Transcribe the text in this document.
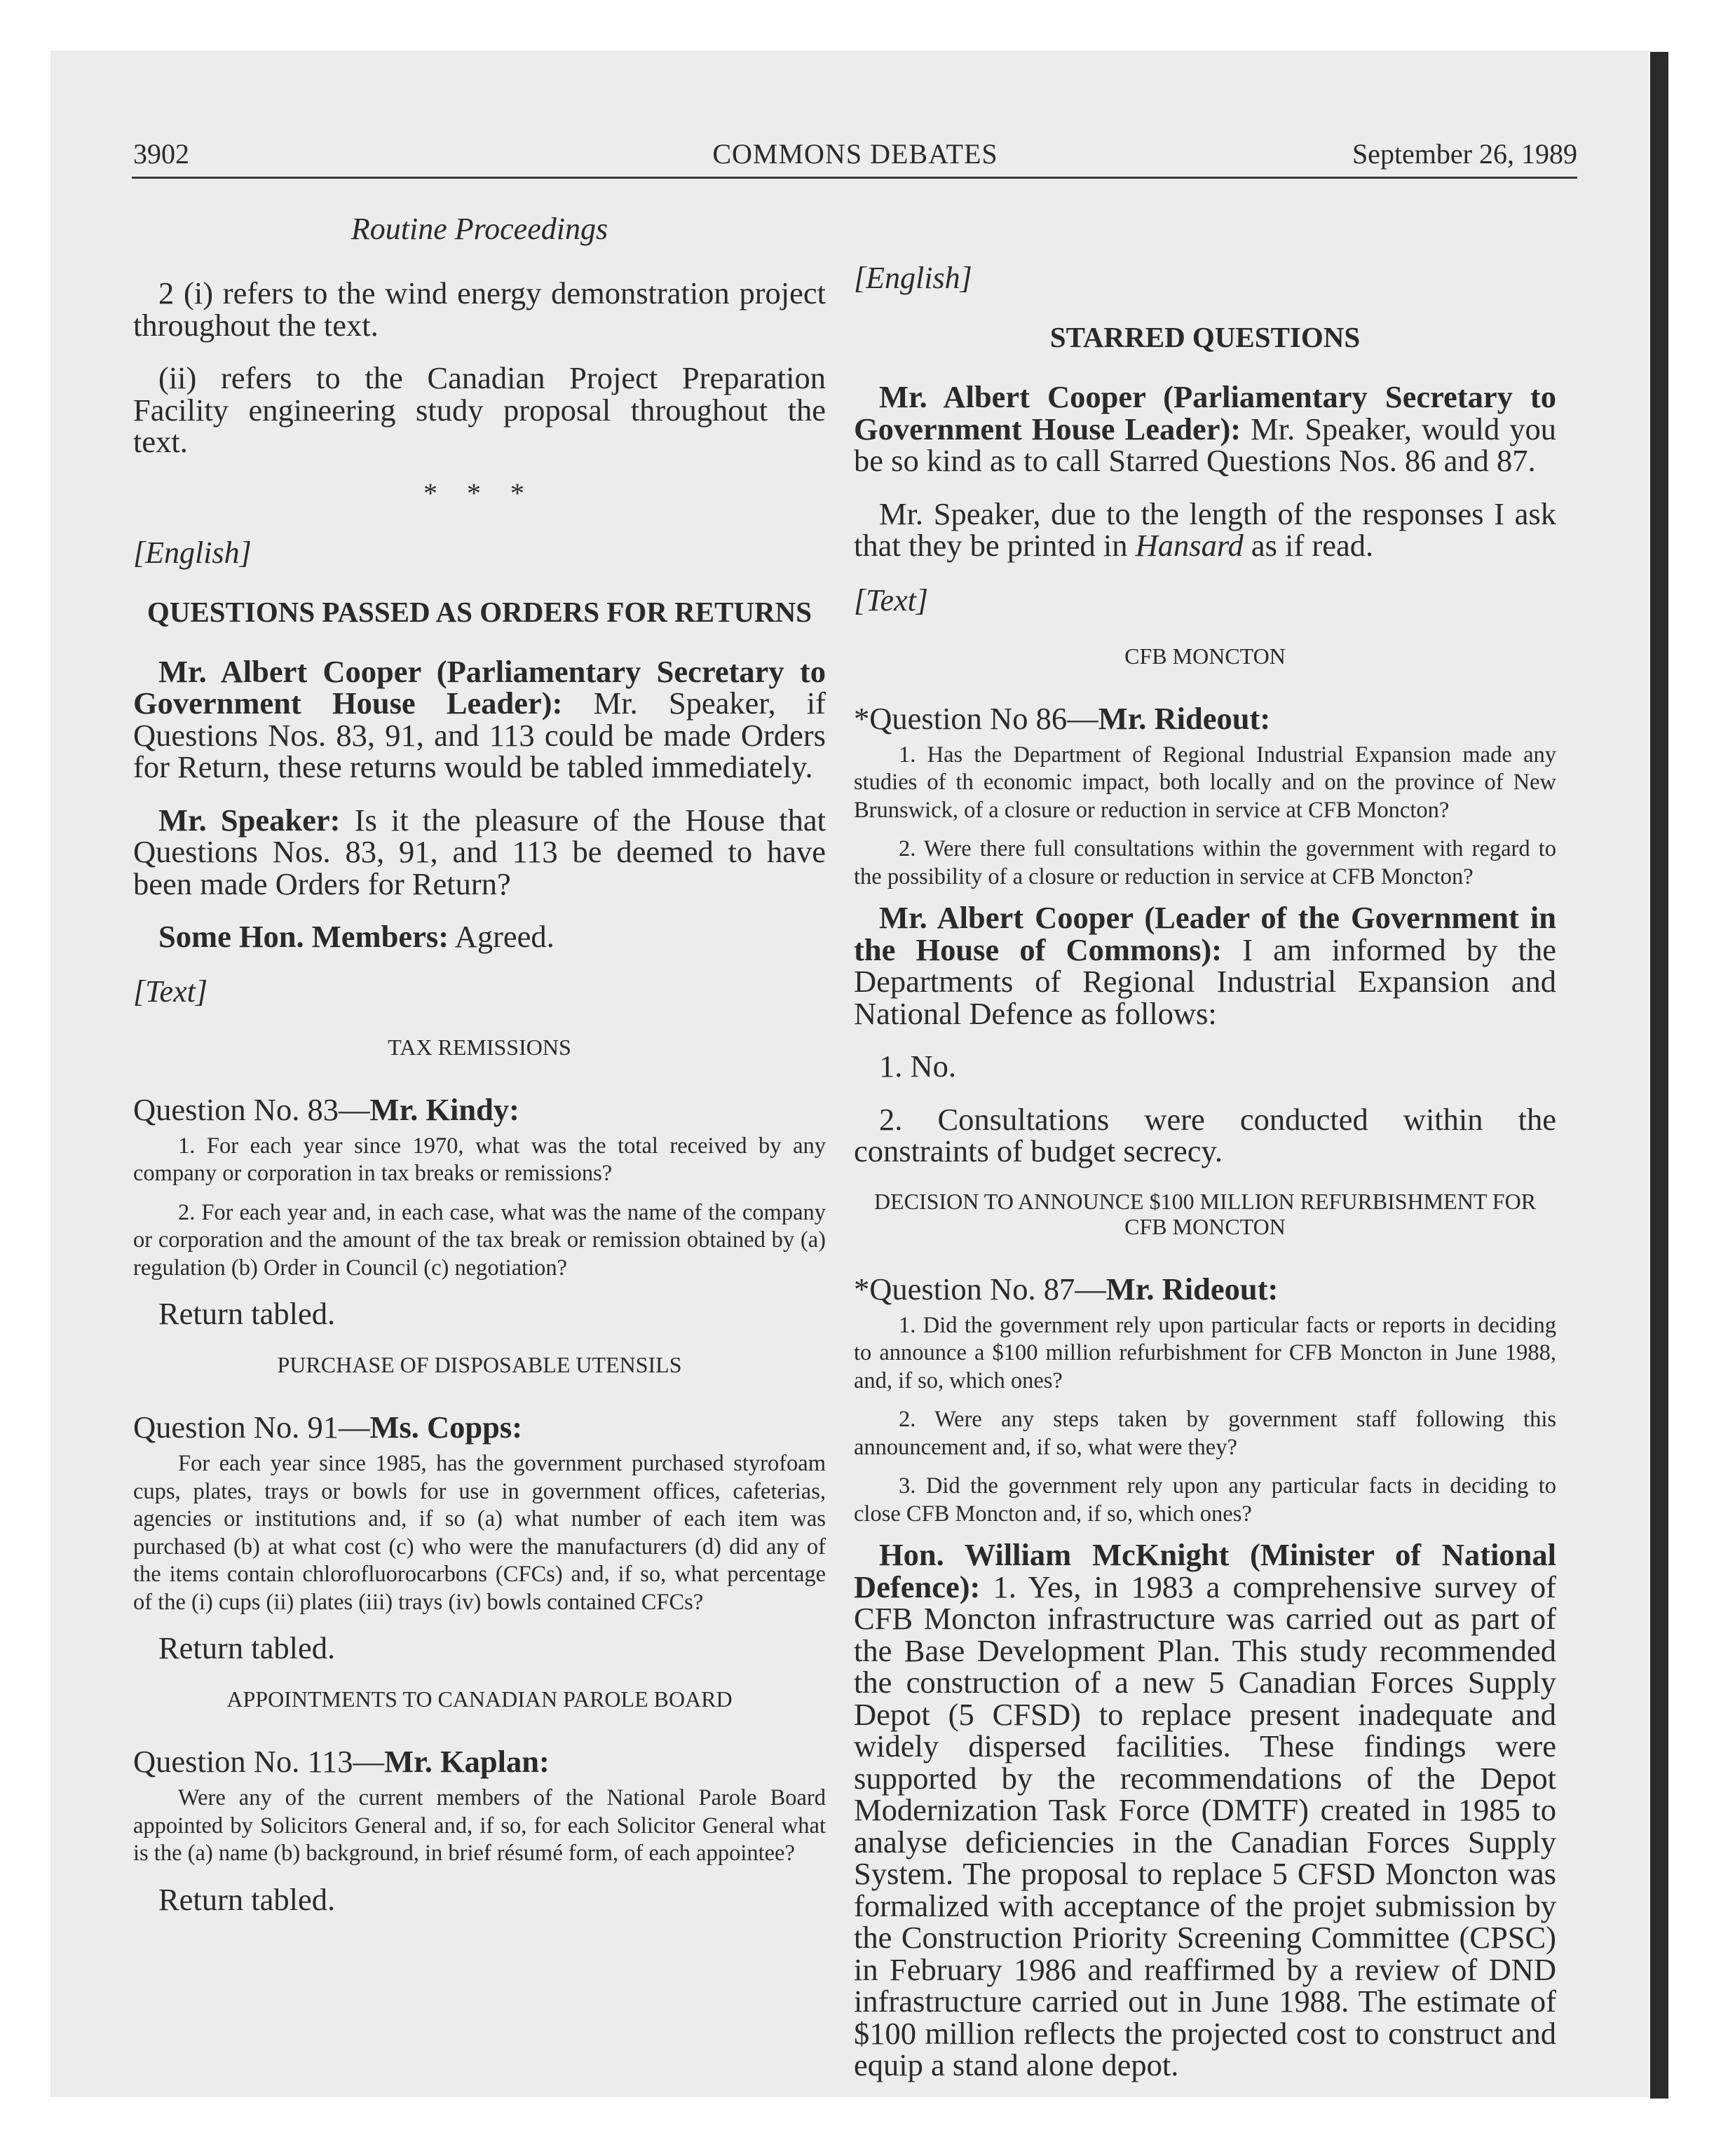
3902	COMMONS DEBATES	September 26, 1989
Routine Proceedings

2 (i) refers to the wind energy demonstration project throughout the text.

(ii) refers to the Canadian Project Preparation Facility engineering study proposal throughout the text.

* * *
[English]
QUESTIONS PASSED AS ORDERS FOR RETURNS

Mr. Albert Cooper (Parliamentary Secretary to Government House Leader): Mr. Speaker, if Questions Nos. 83, 91, and 113 could be made Orders for Return, these returns would be tabled immediately.

Mr. Speaker: Is it the pleasure of the House that Questions Nos. 83, 91, and 113 be deemed to have been made Orders for Return?

Some Hon. Members: Agreed.

[Text]
TAX REMISSIONS

Question No. 83—Mr. Kindy:

1. For each year since 1970, what was the total received by any company or corporation in tax breaks or remissions?

2. For each year and, in each case, what was the name of the company or corporation and the amount of the tax break or remission obtained by (a) regulation (b) Order in Council (c) negotiation?

Return tabled.

PURCHASE OF DISPOSABLE UTENSILS

Question No. 91—Ms. Copps:

For each year since 1985, has the government purchased styrofoam cups, plates, trays or bowls for use in government offices, cafeterias, agencies or institutions and, if so (a) what number of each item was purchased (b) at what cost (c) who were the manufacturers (d) did any of the items contain chlorofluorocarbons (CFCs) and, if so, what percentage of the (i) cups (ii) plates (iii) trays (iv) bowls contained CFCs?

Return tabled.

APPOINTMENTS TO CANADIAN PAROLE BOARD

Question No. 113—Mr. Kaplan:

Were any of the current members of the National Parole Board appointed by Solicitors General and, if so, for each Solicitor General what is the (a) name (b) background, in brief résumé form, of each appointee?

Return tabled.

[English]
STARRED QUESTIONS

Mr. Albert Cooper (Parliamentary Secretary to Government House Leader): Mr. Speaker, would you be so kind as to call Starred Questions Nos. 86 and 87.

Mr. Speaker, due to the length of the responses I ask that they be printed in Hansard as if read.

[Text]
CFB MONCTON

*Question No 86—Mr. Rideout:

1. Has the Department of Regional Industrial Expansion made any studies of th economic impact, both locally and on the province of New Brunswick, of a closure or reduction in service at CFB Moncton?

2. Were there full consultations within the government with regard to the possibility of a closure or reduction in service at CFB Moncton?

Mr. Albert Cooper (Leader of the Government in the House of Commons): I am informed by the Departments of Regional Industrial Expansion and National Defence as follows:

1. No.

2. Consultations were conducted within the constraints of budget secrecy.

DECISION TO ANNOUNCE $100 MILLION REFURBISHMENT FOR CFB MONCTON

*Question No. 87—Mr. Rideout:

1. Did the government rely upon particular facts or reports in deciding to announce a $100 million refurbishment for CFB Moncton in June 1988, and, if so, which ones?

2. Were any steps taken by government staff following this announcement and, if so, what were they?

3. Did the government rely upon any particular facts in deciding to close CFB Moncton and, if so, which ones?

Hon. William McKnight (Minister of National Defence): 1. Yes, in 1983 a comprehensive survey of CFB Moncton infrastructure was carried out as part of the Base Development Plan. This study recommended the construction of a new 5 Canadian Forces Supply Depot (5 CFSD) to replace present inadequate and widely dispersed facilities. These findings were supported by the recommendations of the Depot Modernization Task Force (DMTF) created in 1985 to analyse deficiencies in the Canadian Forces Supply System. The proposal to replace 5 CFSD Moncton was formalized with acceptance of the projet submission by the Construction Priority Screening Committee (CPSC) in February 1986 and reaffirmed by a review of DND infrastructure carried out in June 1988. The estimate of $100 million reflects the projected cost to construct and equip a stand alone depot.
